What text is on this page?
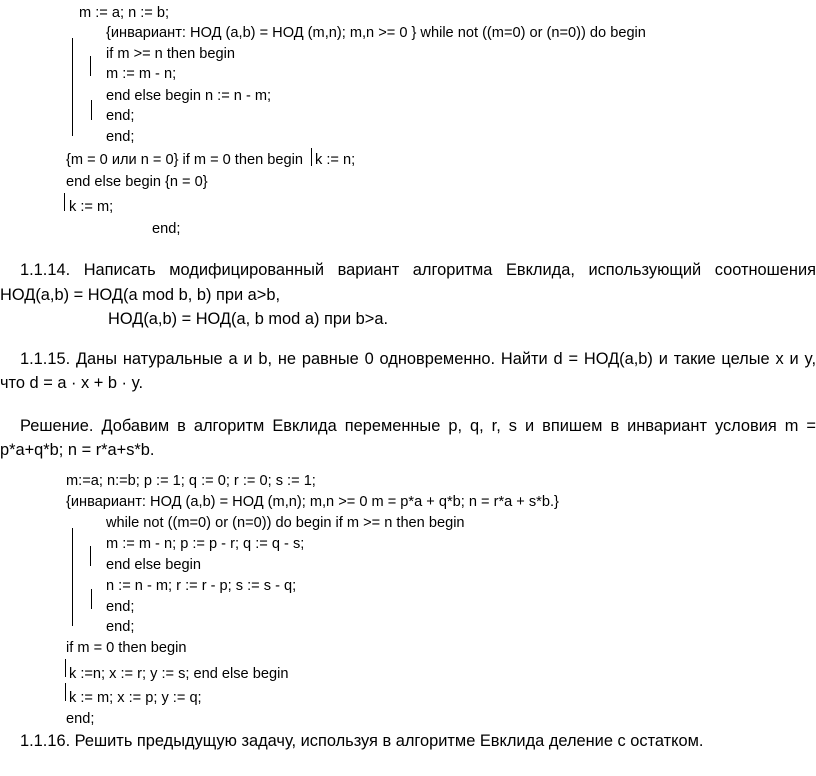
m := a; n := b;
{инвариант: НОД (a,b) = НОД (m,n); m,n >= 0 } while not ((m=0) or (n=0)) do begin
if m >= n then begin
m := m - n;
end else begin n := n - m;
end;
end;
{m = 0 или n = 0} if m = 0 then begin k := n;
end else begin {n = 0}
k := m;
end;
1.1.14. Написать модифицированный вариант алгоритма Евклида, использующий соотношения
НОД(a,b) = НОД(a mod b, b) при a>b,
НОД(a,b) = НОД(a, b mod a) при b>a.
1.1.15. Даны натуральные a и b, не равные 0 одновременно. Найти d = НОД(a,b) и такие целые x и y,
что d = a · x + b · y.
Решение. Добавим в алгоритм Евклида переменные p, q, r, s и впишем в инвариант условия m =
p*a+q*b; n = r*a+s*b.
m:=a; n:=b; p := 1; q := 0; r := 0; s := 1;
{инвариант: НОД (a,b) = НОД (m,n); m,n >= 0 m = p*a + q*b; n = r*a + s*b.}
while not ((m=0) or (n=0)) do begin if m >= n then begin
m := m - n; p := p - r; q := q - s;
end else begin
n := n - m; r := r - p; s := s - q;
end;
end;
if m = 0 then begin
k :=n; x := r; y := s; end else begin
k := m; x := p; y := q;
end;
1.1.16. Решить предыдущую задачу, используя в алгоритме Евклида деление с остатком.
